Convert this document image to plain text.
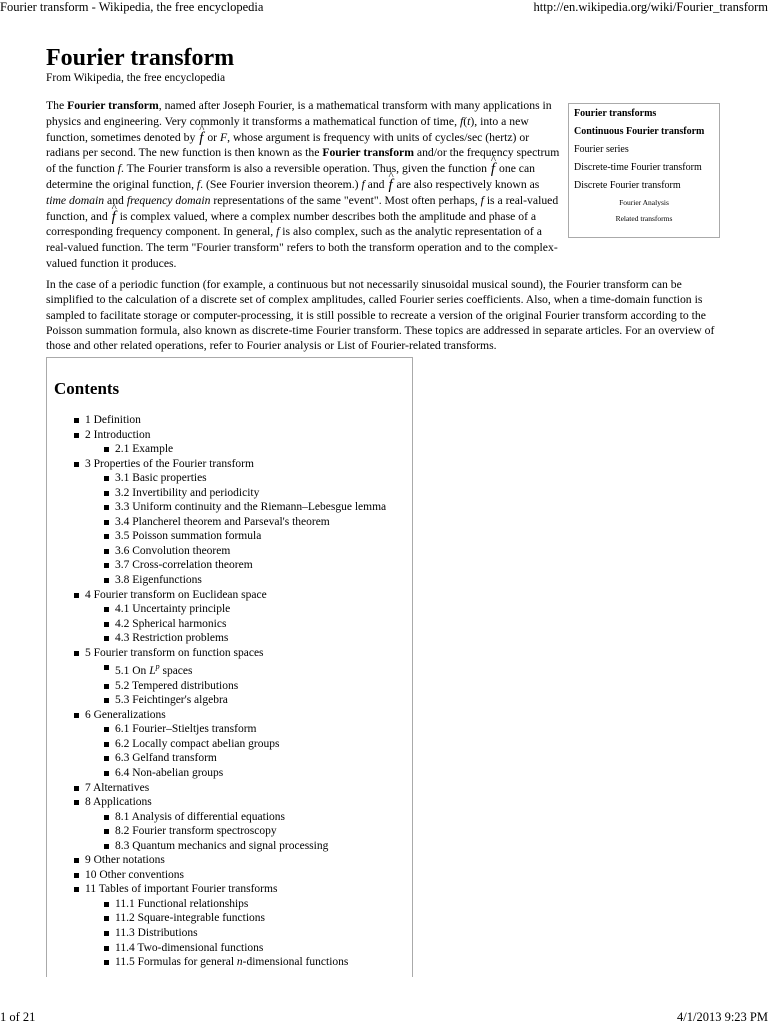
Fourier transform - Wikipedia, the free encyclopedia	http://en.wikipedia.org/wiki/Fourier_transform
Fourier transform
From Wikipedia, the free encyclopedia

The Fourier transform, named after Joseph Fourier, is a mathematical transform with many applications in physics and engineering. Very commonly it transforms a mathematical function of time, f(t), into a new function, sometimes denoted by ^ f or F, whose argument is frequency with units of cycles/sec (hertz) or radians per second. The new function is then known as the Fourier transform and/or the frequency spectrum of the function f. The Fourier transform is also a reversible operation. Thus, given the function ^ f one can determine the original function, f. (See Fourier inversion theorem.) f and ^ f are also respectively known as time domain and frequency domain representations of the same "event". Most often perhaps, f is a real-valued function, and ^ f is complex valued, where a complex number describes both the amplitude and phase of a corresponding frequency component. In general, f is also complex, such as the analytic representation of a real-valued function. The term "Fourier transform" refers to both the transform operation and to the complex-valued function it produces.

Fourier transforms

Continuous Fourier transform

Fourier series

Discrete-time Fourier transform

Discrete Fourier transform

Fourier Analysis

Related transforms

In the case of a periodic function (for example, a continuous but not necessarily sinusoidal musical sound), the Fourier transform can be simplified to the calculation of a discrete set of complex amplitudes, called Fourier series coefficients. Also, when a time-domain function is sampled to facilitate storage or computer-processing, it is still possible to recreate a version of the original Fourier transform according to the Poisson summation formula, also known as discrete-time Fourier transform. These topics are addressed in separate articles. For an overview of those and other related operations, refer to Fourier analysis or List of Fourier-related transforms.

Contents
1 Definition
2 Introduction
2.1 Example
3 Properties of the Fourier transform
3.1 Basic properties
3.2 Invertibility and periodicity
3.3 Uniform continuity and the Riemann–Lebesgue lemma
3.4 Plancherel theorem and Parseval's theorem
3.5 Poisson summation formula
3.6 Convolution theorem
3.7 Cross-correlation theorem
3.8 Eigenfunctions
4 Fourier transform on Euclidean space
4.1 Uncertainty principle
4.2 Spherical harmonics
4.3 Restriction problems
5 Fourier transform on function spaces
5.1 On $L^p$ spaces
5.2 Tempered distributions
5.3 Feichtinger's algebra
6 Generalizations
6.1 Fourier–Stieltjes transform
6.2 Locally compact abelian groups
6.3 Gelfand transform
6.4 Non-abelian groups
7 Alternatives
8 Applications
8.1 Analysis of differential equations
8.2 Fourier transform spectroscopy
8.3 Quantum mechanics and signal processing
9 Other notations
10 Other conventions
11 Tables of important Fourier transforms
11.1 Functional relationships
11.2 Square-integrable functions
11.3 Distributions
11.4 Two-dimensional functions
11.5 Formulas for general n-dimensional functions
1 of 21	4/1/2013 9:23 PM
